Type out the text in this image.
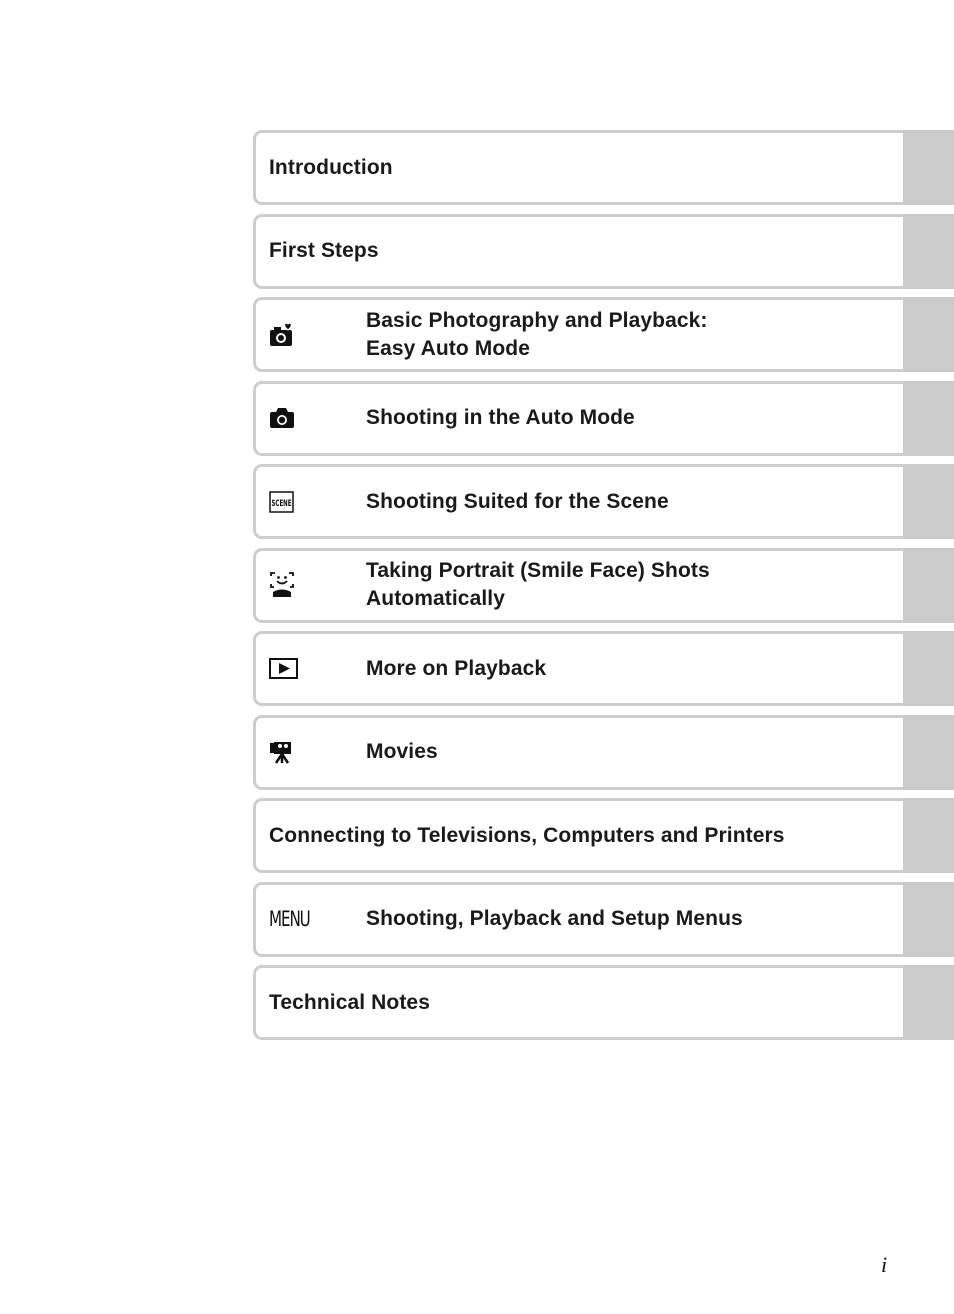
Introduction
First Steps
Basic Photography and Playback:
Easy Auto Mode
Shooting in the Auto Mode
SCENE	Shooting Suited for the Scene
Taking Portrait (Smile Face) Shots
Automatically
More on Playback
Movies
Connecting to Televisions, Computers and Printers
MENU	Shooting, Playback and Setup Menus
Technical Notes
i
